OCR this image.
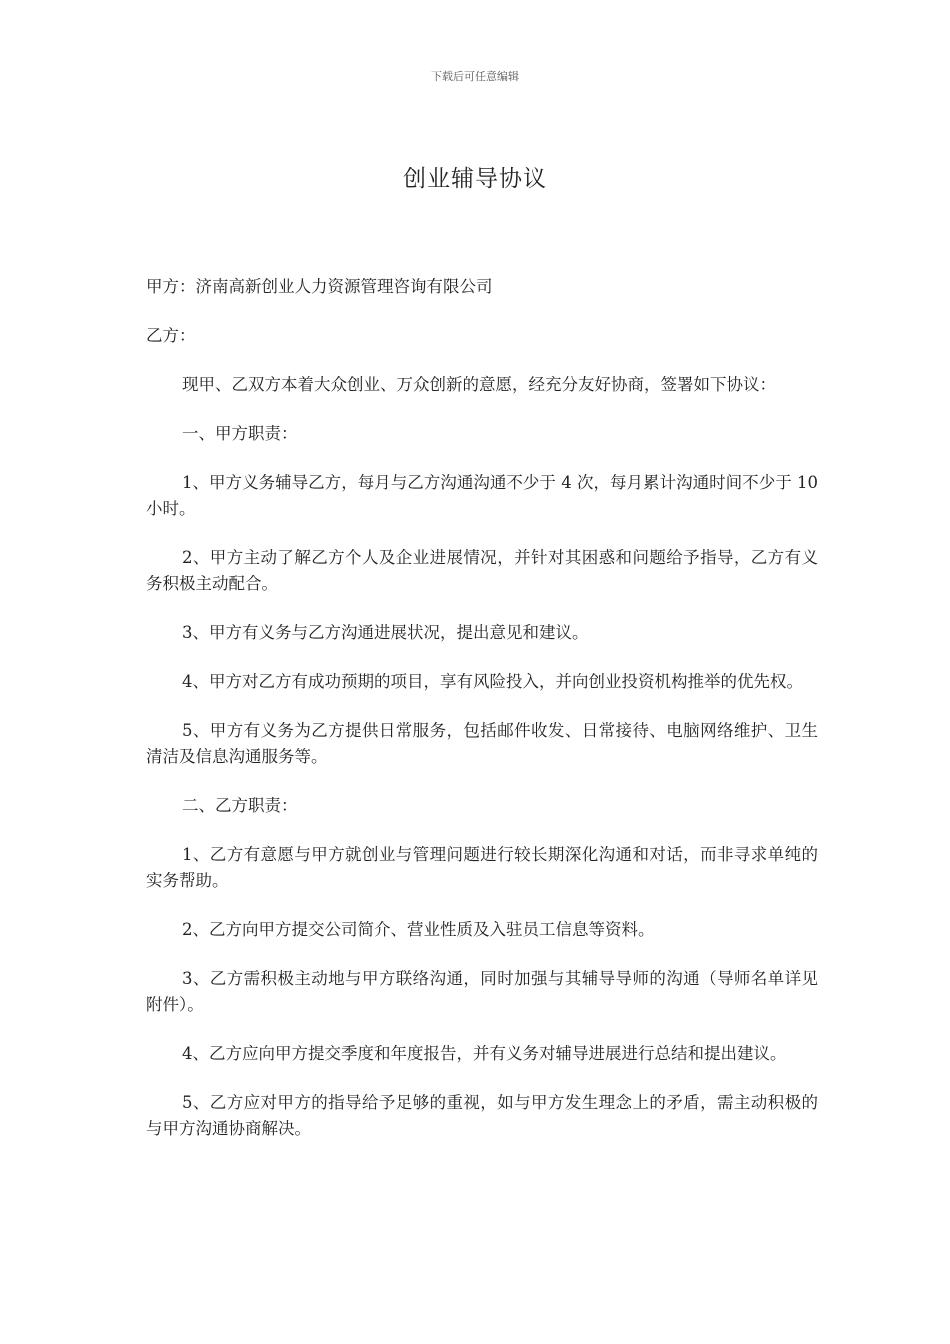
下载后可任意编辑
创业辅导协议

甲方：济南高新创业人力资源管理咨询有限公司

乙方：

现甲、乙双方本着大众创业、万众创新的意愿，经充分友好协商，签署如下协议：

一、甲方职责：

1、甲方义务辅导乙方，每月与乙方沟通沟通不少于 4 次，每月累计沟通时间不少于 10 小时。

2、甲方主动了解乙方个人及企业进展情况，并针对其困惑和问题给予指导，乙方有义务积极主动配合。

3、甲方有义务与乙方沟通进展状况，提出意见和建议。

4、甲方对乙方有成功预期的项目，享有风险投入，并向创业投资机构推举的优先权。

5、甲方有义务为乙方提供日常服务，包括邮件收发、日常接待、电脑网络维护、卫生清洁及信息沟通服务等。

二、乙方职责：

1、乙方有意愿与甲方就创业与管理问题进行较长期深化沟通和对话，而非寻求单纯的实务帮助。

2、乙方向甲方提交公司简介、营业性质及入驻员工信息等资料。

3、乙方需积极主动地与甲方联络沟通，同时加强与其辅导导师的沟通（导师名单详见附件）。

4、乙方应向甲方提交季度和年度报告，并有义务对辅导进展进行总结和提出建议。

5、乙方应对甲方的指导给予足够的重视，如与甲方发生理念上的矛盾，需主动积极的与甲方沟通协商解决。
